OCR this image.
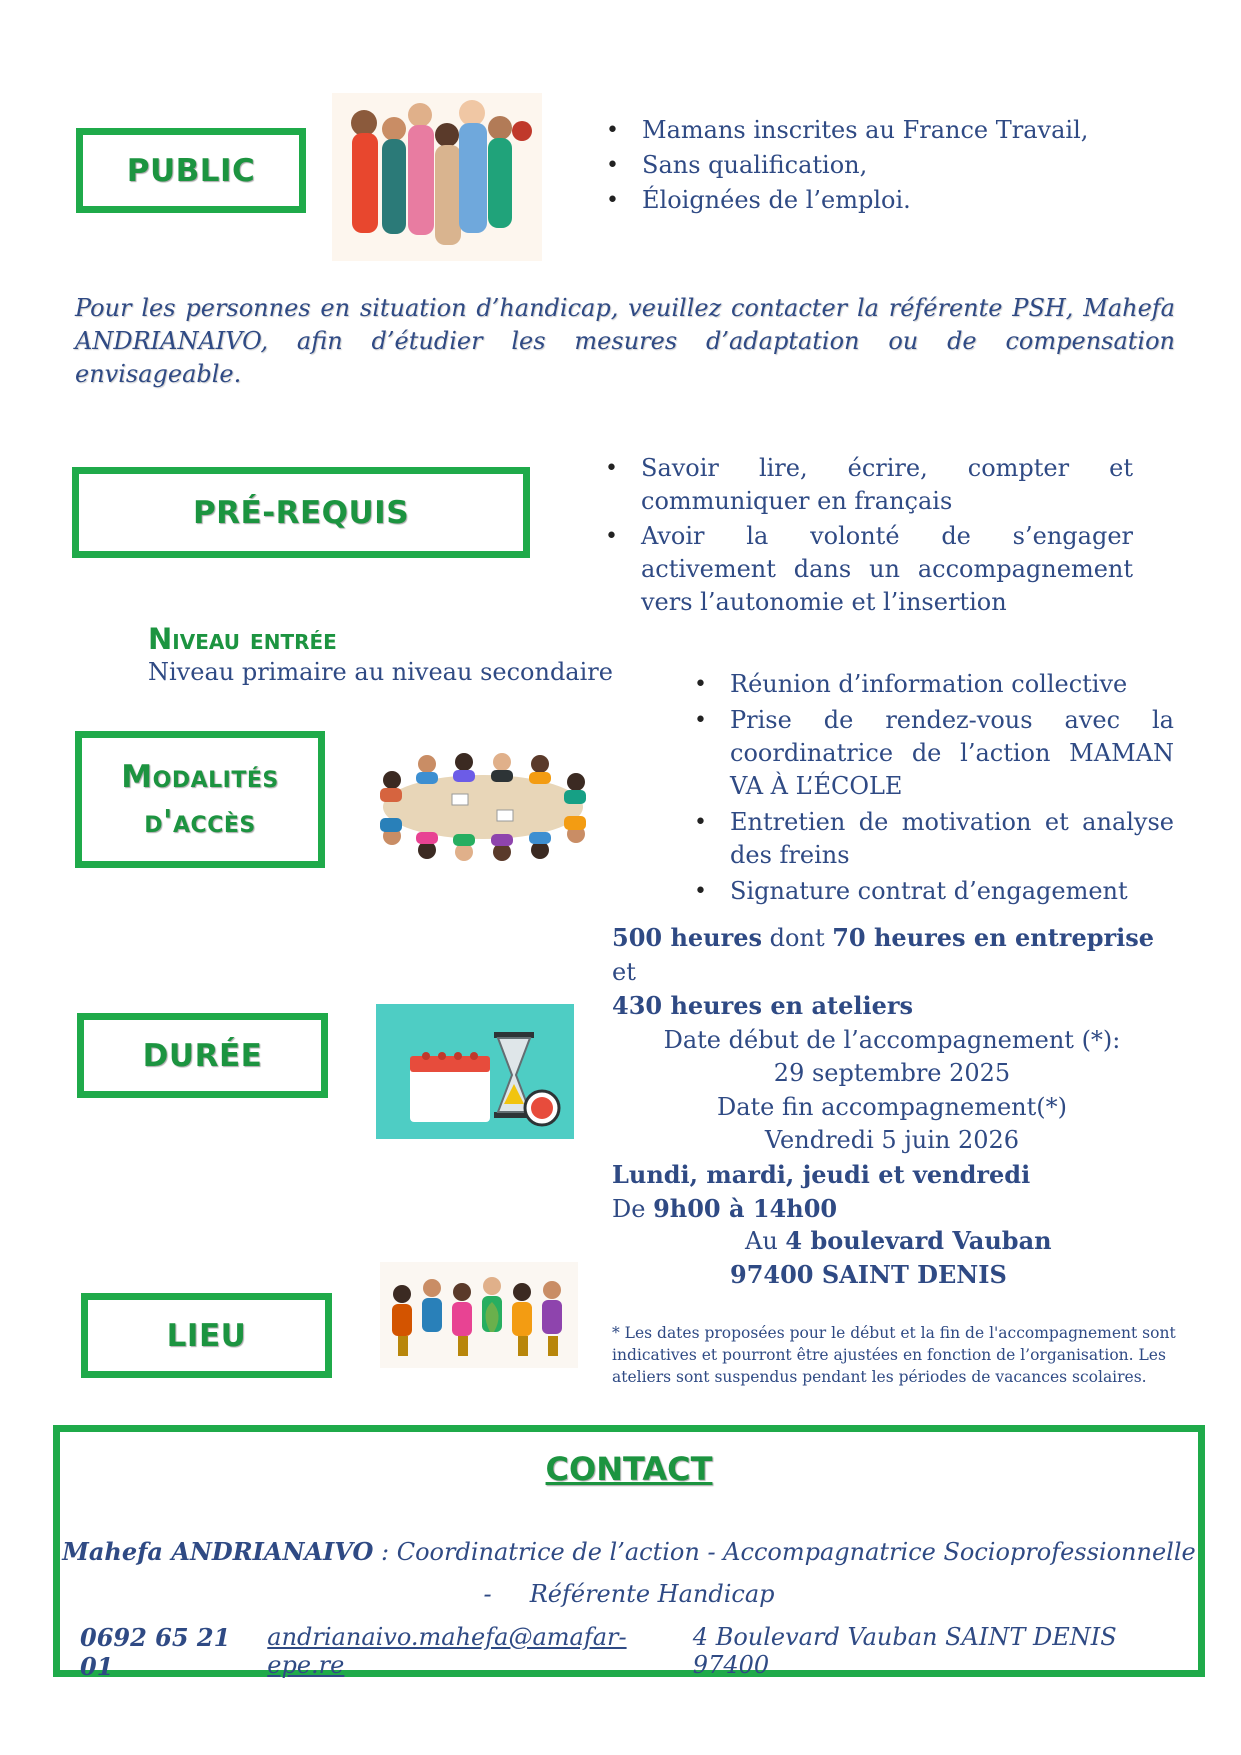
PUBLIC
• Mamans inscrites au France Travail,
• Sans qualification,
• Éloignées de l’emploi.

Pour les personnes en situation d’handicap, veuillez contacter la référente PSH, Mahefa ANDRIANAIVO, afin d’étudier les mesures d’adaptation ou de compensation envisageable.

PRÉ-REQUIS
• Savoir lire, écrire, compter et communiquer en français
• Avoir la volonté de s’engager activement dans un accompagnement vers l’autonomie et l’insertion
Niveau entrée
Niveau primaire au niveau secondaire
Modalités
d'accès
• Réunion d’information collective
• Prise de rendez-vous avec la coordinatrice de l’action MAMAN VA À L’ÉCOLE
• Entretien de motivation et analyse des freins
• Signature contrat d’engagement
DURÉE
500 heures dont 70 heures en entreprise et
430 heures en ateliers
Date début de l’accompagnement (*):
29 septembre 2025
Date fin accompagnement(*)
Vendredi 5 juin 2026
Lundi, mardi, jeudi et vendredi
De 9h00 à 14h00
LIEU
Au 4 boulevard Vauban
97400 SAINT DENIS

* Les dates proposées pour le début et la fin de l'accompagnement sont indicatives et pourront être ajustées en fonction de l’organisation. Les ateliers sont suspendus pendant les périodes de vacances scolaires.

CONTACT
Mahefa ANDRIANAIVO : Coordinatrice de l’action - Accompagnatrice Socioprofessionnelle
-     Référente Handicap
0692 65 21 01
andrianaivo.mahefa@amafar-epe.re
4 Boulevard Vauban SAINT DENIS 97400
